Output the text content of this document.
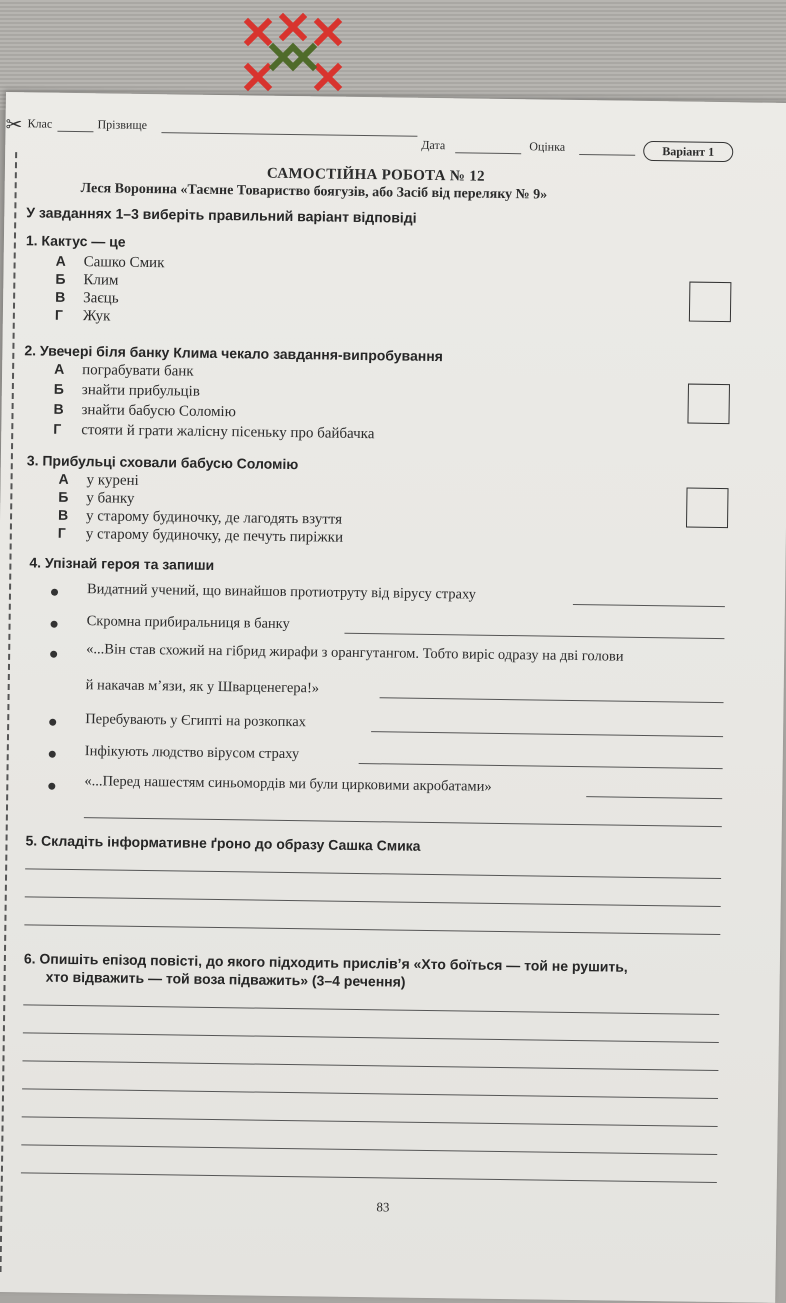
✂ Клас	Прізвище
Дата	Оцінка	Варіант 1
САМОСТІЙНА РОБОТА № 12
Леся Воронина «Таємне Товариство боягузів, або Засіб від переляку № 9»
У завданнях 1–3 виберіть правильний варіант відповіді
1. Кактус — це
А Сашко Смик
Б Клим
В Заєць
Г Жук
2. Увечері біля банку Клима чекало завдання-випробування
А пограбувати банк
Б знайти прибульців
В знайти бабусю Соломію
Г стояти й грати жалісну пісеньку про байбачка
3. Прибульці сховали бабусю Соломію
А у курені
Б у банку
В у старому будиночку, де лагодять взуття
Г у старому будиночку, де печуть пиріжки
4. Упізнай героя та запиши
Видатний учений, що винайшов протиотруту від вірусу страху
Скромна прибиральниця в банку
«...Він став схожий на гібрид жирафи з орангутангом. Тобто виріс одразу на дві голови
й накачав м’язи, як у Шварценегера!»
Перебувають у Єгипті на розкопках
Інфікують людство вірусом страху
«...Перед нашестям синьомордів ми були цирковими акробатами»
5. Складіть інформативне ґроно до образу Сашка Смика
6. Опишіть епізод повісті, до якого підходить прислів’я «Хто боїться — той не рушить,
хто відважить — той воза підважить» (3–4 речення)
83
